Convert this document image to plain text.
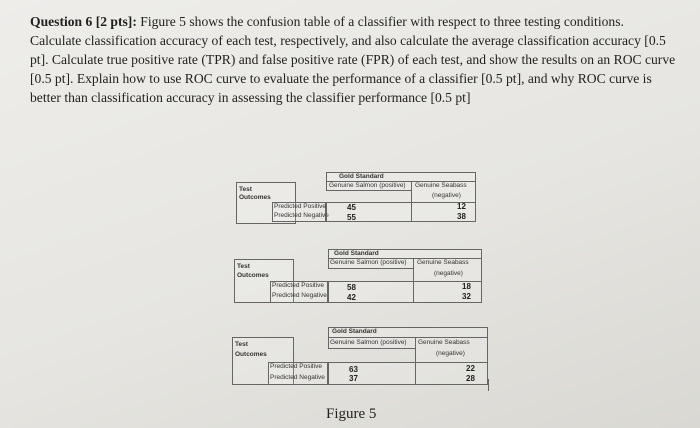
Question 6 [2 pts]: Figure 5 shows the confusion table of a classifier with respect to three testing conditions. Calculate classification accuracy of each test, respectively, and also calculate the average classification accuracy [0.5 pt]. Calculate true positive rate (TPR) and false positive rate (FPR) of each test, and show the results on an ROC curve [0.5 pt]. Explain how to use ROC curve to evaluate the performance of a classifier [0.5 pt], and why ROC curve is better than classification accuracy in assessing the classifier performance [0.5 pt]
Test
Outcomes
Gold Standard
Genuine Salmon (positive) Genuine Seabass
(negative)
Predicted Positive
Predicted Negative
45
55
12
38
Test
Outcomes
Gold Standard
Genuine Salmon (positive) Genuine Seabass
(negative)
Predicted Positive
Predicted Negative
58
42
18
32
Test
Outcomes
Gold Standard
Genuine Salmon (positive) Genuine Seabass
(negative)
Predicted Positive
Predicted Negative
63
37
22
28
Figure 5
